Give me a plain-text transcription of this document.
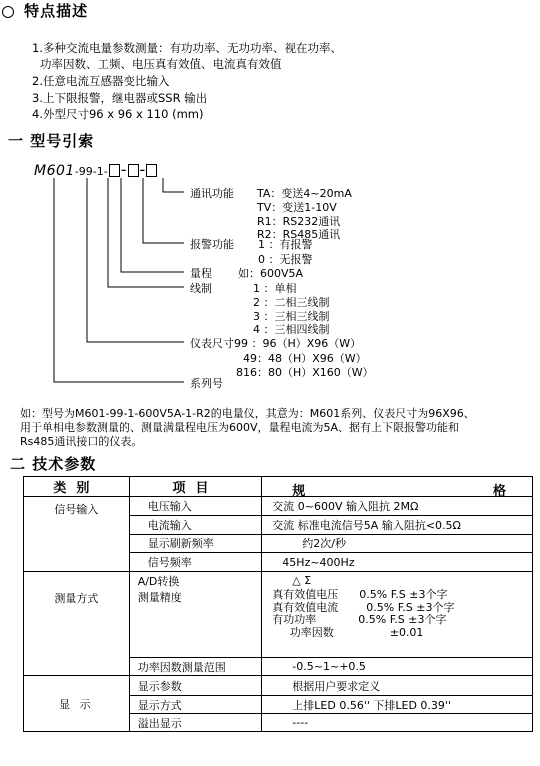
特点描述
1.多种交流电量参数测量：有功功率、无功功率、视在功率、
功率因数、工频、电压真有效值、电流真有效值
2.任意电流互感器变比输入
3.上下限报警，继电器或SSR 输出
4.外型尺寸96 x 96 x 110 (mm)
一 型号引索
M601-99-1- - -
通讯功能 TA：变送4~20mA
TV：变送1-10V
R1：RS232通讯
R2：RS485通讯
报警功能 1 ：有报警
0 ：无报警
量程 如：600V5A
线制	1 ：单相
2 ：二相三线制
3 ：三相三线制
4 ：三相四线制
仪表尺寸99 ：96（H）X96（W）
49：48（H）X96（W）
816：80（H）X160（W）
系列号
如：型号为M601-99-1-600V5A-1-R2的电量仪，其意为：M601系列、仪表尺寸为96X96、
用于单相电参数测量的、测量满量程电压为600V，量程电流为5A、据有上下限报警功能和
Rs485通讯接口的仪表。
二 技术参数
类别	项目	规 格

信号输入	电压输入	交流 0~600V 输入阻抗 2MΩ
	电流输入	交流 标准电流信号5A 输入阻抗<0.5Ω
	显示刷新频率	约2次/秒
	信号频率	45Hz~400Hz
测量方式	A/D转换	△ Σ
	测量精度	真有效值电压      0.5% F.S ±3个字
真有效值电流        0.5% F.S ±3个字
有功功率            0.5% F.S ±3个字
功率因数                ±0.01

	功率因数测量范围	-0.5~1~+0.5
显 示	显示参数	根据用户要求定义
	显示方式	上排LED 0.56'' 下排LED 0.39''
	溢出显示	----
